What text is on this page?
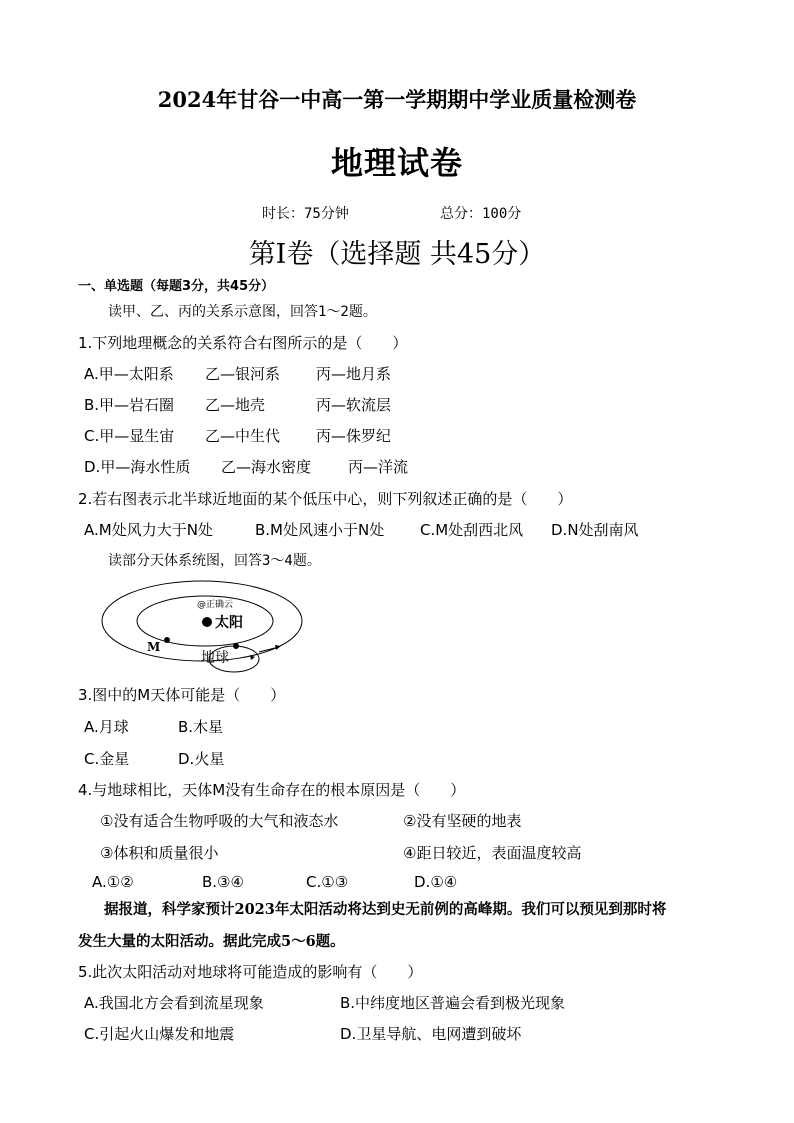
2024年甘谷一中高一第一学期期中学业质量检测卷
地理试卷
时长：75分钟	总分：100分
第Ⅰ卷（选择题 共45分）
一、单选题（每题3分，共45分）
读甲、乙、丙的关系示意图，回答1～2题。
1.下列地理概念的关系符合右图所示的是（　　）
A.甲—太阳系 乙—银河系 丙—地月系
B.甲—岩石圈 乙—地壳	丙—软流层
C.甲—显生宙 乙—中生代 丙—侏罗纪
D.甲—海水性质 乙—海水密度 丙—洋流
2.若右图表示北半球近地面的某个低压中心，则下列叙述正确的是（　　）
A.M处风力大于N处	B.M处风速小于N处 C.M处刮西北风 D.N处刮南风
读部分天体系统图，回答3～4题。
@正确云
太阳
M
地球
3.图中的M天体可能是（　　）
A.月球	B.木星
C.金星	D.火星
4.与地球相比，天体M没有生命存在的根本原因是（　　）
①没有适合生物呼吸的大气和液态水	②没有坚硬的地表
③体积和质量很小	④距日较近，表面温度较高
A.①②	B.③④	C.①③	D.①④
据报道，科学家预计2023年太阳活动将达到史无前例的高峰期。我们可以预见到那时将
发生大量的太阳活动。据此完成5～6题。
5.此次太阳活动对地球将可能造成的影响有（　　）
A.我国北方会看到流星现象	B.中纬度地区普遍会看到极光现象
C.引起火山爆发和地震	D.卫星导航、电网遭到破坏
